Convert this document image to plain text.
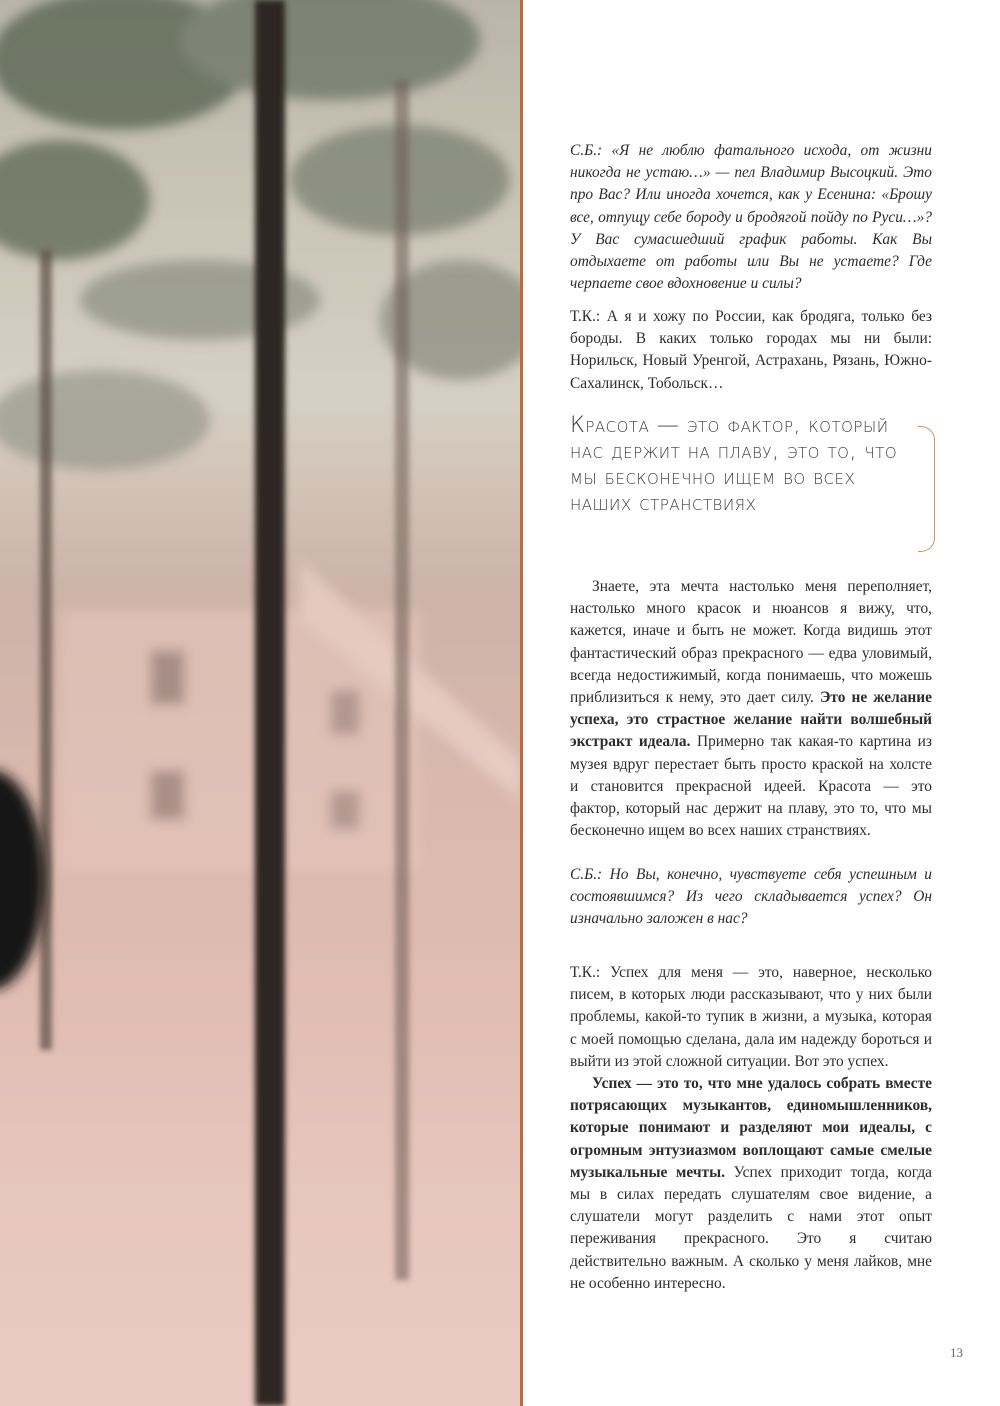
С.Б.: «Я не люблю фатального исхода, от жизни никогда не устаю…» — пел Владимир Высоцкий. Это про Вас? Или иногда хочется, как у Есенина: «Брошу все, отпущу себе бороду и бродягой пойду по Руси…»? У Вас сумасшедший график работы. Как Вы отдыхаете от работы или Вы не устаете? Где черпаете свое вдохновение и силы?

Т.К.: А я и хожу по России, как бродяга, только без бороды. В каких только городах мы ни были: Норильск, Новый Уренгой, Астрахань, Рязань, Южно-Сахалинск, Тобольск…

Красота — это фактор, который нас держит на плаву, это то, что мы бесконечно ищем во всех наших странствиях

Знаете, эта мечта настолько меня переполняет, настолько много красок и нюансов я вижу, что, кажется, иначе и быть не может. Когда видишь этот фантастический образ прекрасного — едва уловимый, всегда недостижимый, когда понимаешь, что можешь приблизиться к нему, это дает силу. Это не желание успеха, это страстное желание найти волшебный экстракт идеала. Примерно так какая-то картина из музея вдруг перестает быть просто краской на холсте и становится прекрасной идеей. Красота — это фактор, который нас держит на плаву, это то, что мы бесконечно ищем во всех наших странствиях.

С.Б.: Но Вы, конечно, чувствуете себя успешным и состоявшимся? Из чего складывается успех? Он изначально заложен в нас?

Т.К.: Успех для меня — это, наверное, несколько писем, в которых люди рассказывают, что у них были проблемы, какой-то тупик в жизни, а музыка, которая с моей помощью сделана, дала им надежду бороться и выйти из этой сложной ситуации. Вот это успех.

Успех — это то, что мне удалось собрать вместе потрясающих музыкантов, единомышленников, которые понимают и разделяют мои идеалы, с огромным энтузиазмом воплощают самые смелые музыкальные мечты. Успех приходит тогда, когда мы в силах передать слушателям свое видение, а слушатели могут разделить с нами этот опыт переживания прекрасного. Это я считаю действительно важным. А сколько у меня лайков, мне не особенно интересно.

13
